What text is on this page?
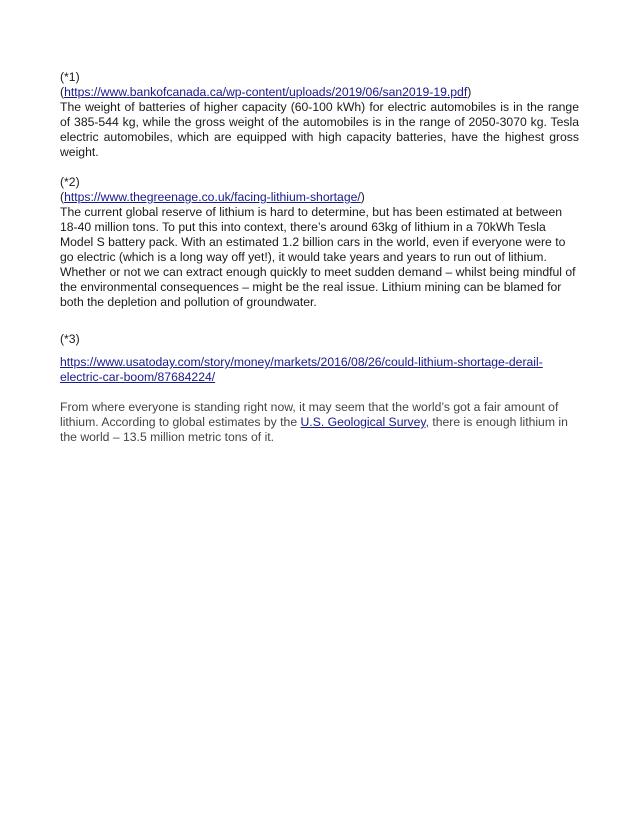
(*1)

(https://www.bankofcanada.ca/wp-content/uploads/2019/06/san2019-19.pdf)

The weight of batteries of higher capacity (60-100 kWh) for electric automobiles is in the range of 385-544 kg, while the gross weight of the automobiles is in the range of 2050-3070 kg. Tesla electric automobiles, which are equipped with high capacity batteries, have the highest gross weight.

(*2)

(https://www.thegreenage.co.uk/facing-lithium-shortage/)

The current global reserve of lithium is hard to determine, but has been estimated at between 18-40 million tons. To put this into context, there’s around 63kg of lithium in a 70kWh Tesla Model S battery pack. With an estimated 1.2 billion cars in the world, even if everyone were to go electric (which is a long way off yet!), it would take years and years to run out of lithium. Whether or not we can extract enough quickly to meet sudden demand – whilst being mindful of the environmental consequences – might be the real issue. Lithium mining can be blamed for both the depletion and pollution of groundwater.

(*3)

https://www.usatoday.com/story/money/markets/2016/08/26/could-lithium-shortage-derail-
electric-car-boom/87684224/

From where everyone is standing right now, it may seem that the world’s got a fair amount of lithium. According to global estimates by the U.S. Geological Survey, there is enough lithium in the world – 13.5 million metric tons of it.
